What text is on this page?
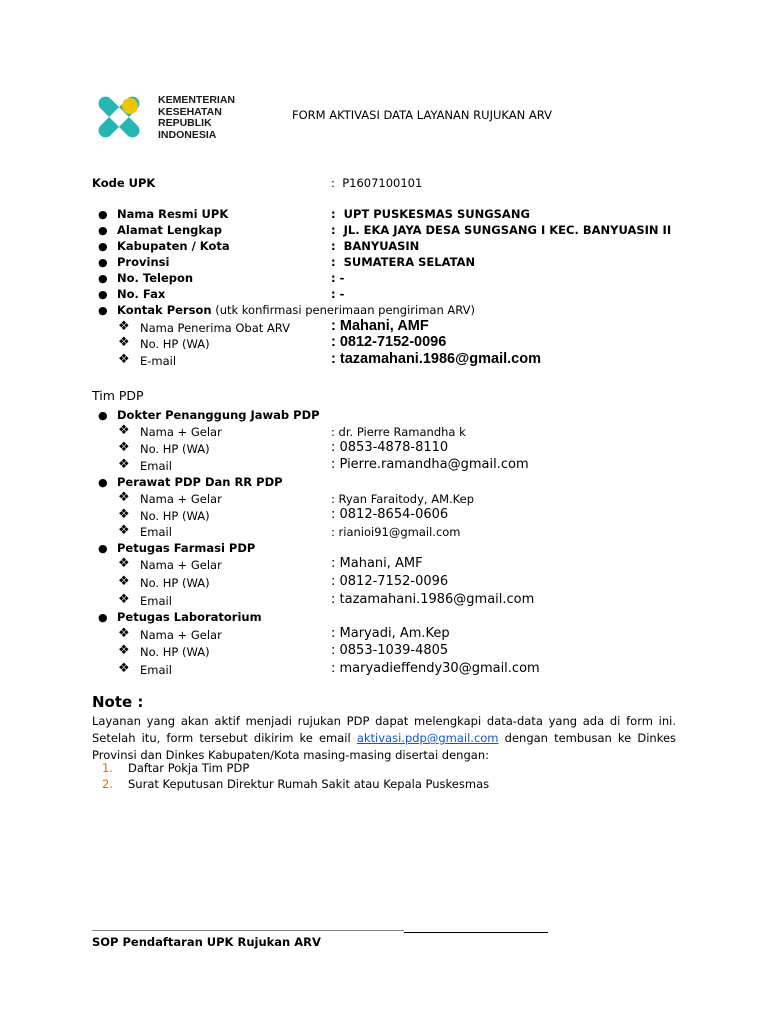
KEMENTERIAN
KESEHATAN
REPUBLIK
INDONESIA
FORM AKTIVASI DATA LAYANAN RUJUKAN ARV
Kode UPK	:  P1607100101
● Nama Resmi UPK	:  UPT PUSKESMAS SUNGSANG
● Alamat Lengkap	:  JL. EKA JAYA DESA SUNGSANG I KEC. BANYUASIN II
● Kabupaten / Kota	:  BANYUASIN
● Provinsi	:  SUMATERA SELATAN
● No. Telepon	: -
● No. Fax	: -
● Kontak Person (utk konfirmasi penerimaan pengiriman ARV)
❖ Nama Penerima Obat ARV	: Mahani, AMF
❖ No. HP (WA)	: 0812-7152-0096
❖ E-mail	: tazamahani.1986@gmail.com
Tim PDP
● Dokter Penanggung Jawab PDP
❖ Nama + Gelar	: dr. Pierre Ramandha k
❖ No. HP (WA)	: 0853-4878-8110
❖ Email	: Pierre.ramandha@gmail.com
● Perawat PDP Dan RR PDP
❖ Nama + Gelar	: Ryan Faraitody, AM.Kep
❖ No. HP (WA)	: 0812-8654-0606
❖ Email	: rianioi91@gmail.com
● Petugas Farmasi PDP
❖ Nama + Gelar	: Mahani, AMF
❖ No. HP (WA)	: 0812-7152-0096
❖ Email	: tazamahani.1986@gmail.com
● Petugas Laboratorium
❖ Nama + Gelar	: Maryadi, Am.Kep
❖ No. HP (WA)	: 0853-1039-4805
❖ Email	: maryadieffendy30@gmail.com
Note :
Layanan yang akan aktif menjadi rujukan PDP dapat melengkapi data-data yang ada di form ini. Setelah itu, form tersebut dikirim ke email aktivasi.pdp@gmail.com dengan tembusan ke Dinkes Provinsi dan Dinkes Kabupaten/Kota masing-masing disertai dengan:
1. Daftar Pokja Tim PDP
2. Surat Keputusan Direktur Rumah Sakit atau Kepala Puskesmas
SOP Pendaftaran UPK Rujukan ARV
